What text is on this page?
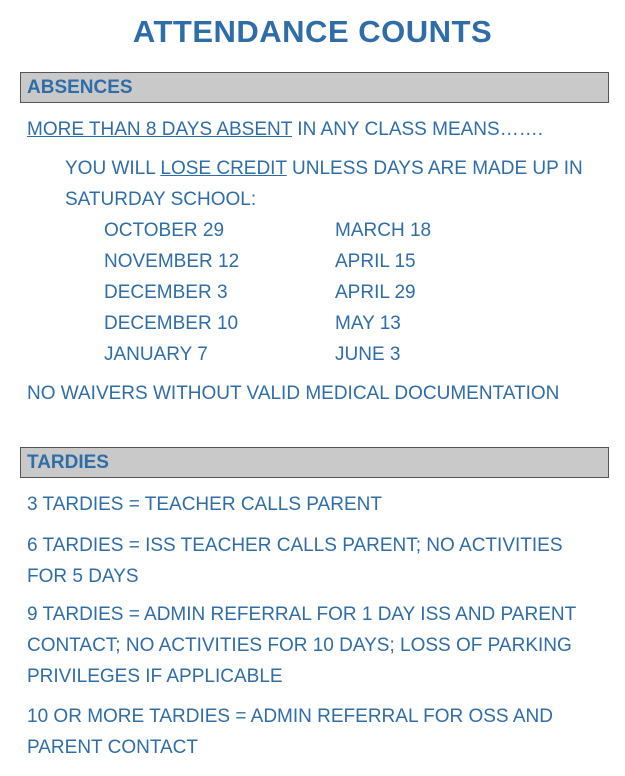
ATTENDANCE COUNTS
ABSENCES
MORE THAN 8 DAYS ABSENT IN ANY CLASS MEANS…….
YOU WILL LOSE CREDIT UNLESS DAYS ARE MADE UP IN
SATURDAY SCHOOL:
OCTOBER 29
NOVEMBER 12
DECEMBER 3
DECEMBER 10
JANUARY 7
MARCH 18
APRIL 15
APRIL 29
MAY 13
JUNE 3
NO WAIVERS WITHOUT VALID MEDICAL DOCUMENTATION
TARDIES
3 TARDIES = TEACHER CALLS PARENT
6 TARDIES = ISS TEACHER CALLS PARENT; NO ACTIVITIES FOR 5 DAYS
9 TARDIES = ADMIN REFERRAL FOR 1 DAY ISS AND PARENT CONTACT; NO ACTIVITIES FOR 10 DAYS; LOSS OF PARKING PRIVILEGES IF APPLICABLE
10 OR MORE TARDIES = ADMIN REFERRAL FOR OSS AND PARENT CONTACT
